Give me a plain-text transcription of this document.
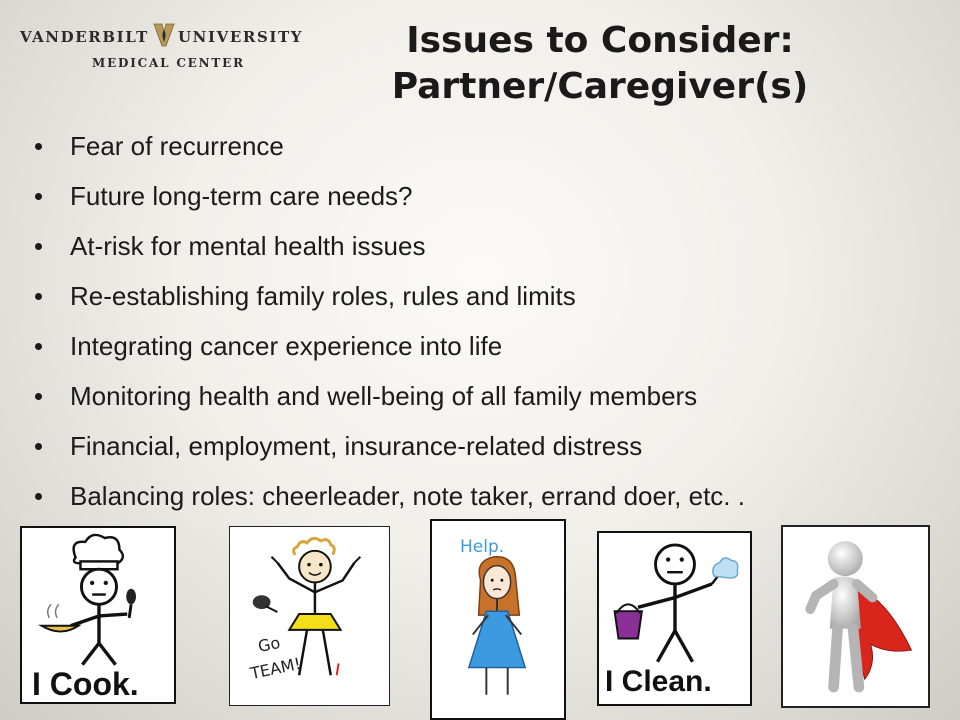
VANDERBILT UNIVERSITY
MEDICAL CENTER
Issues to Consider:
Partner/Caregiver(s)
Fear of recurrence
Future long-term care needs?
At-risk for mental health issues
Re-establishing family roles, rules and limits
Integrating cancer experience into life
Monitoring health and well-being of all family members
Financial, employment, insurance-related distress
Balancing roles: cheerleader, note taker, errand doer, etc. .
I Cook.
Go
TEAM!
Help.
I Clean.
